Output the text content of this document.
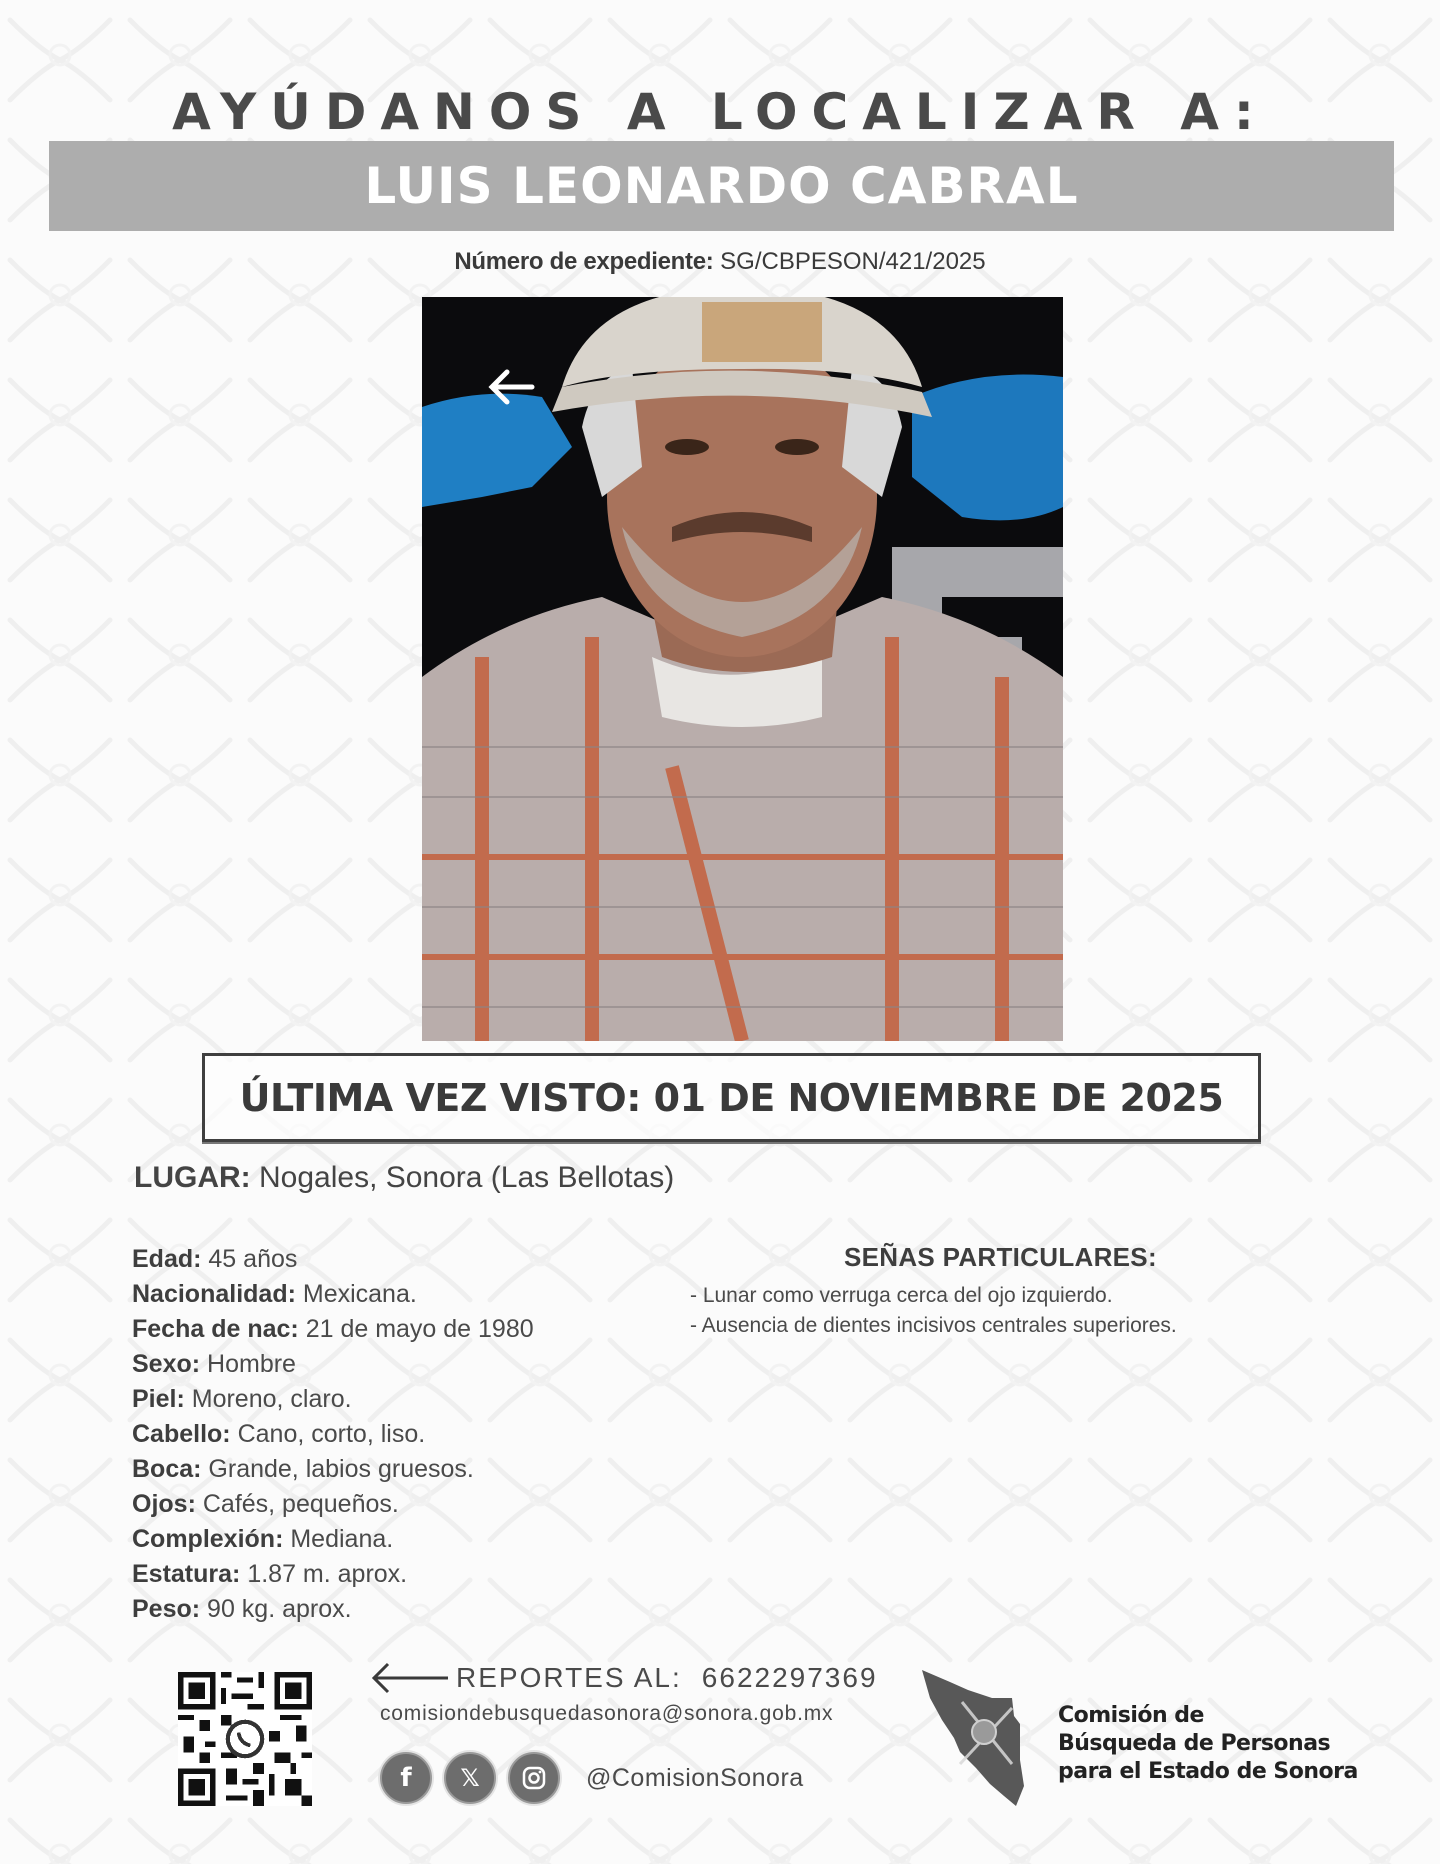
AYÚDANOS A LOCALIZAR A:
LUIS LEONARDO CABRAL
Número de expediente: SG/CBPESON/421/2025
ÚLTIMA VEZ VISTO: 01 DE NOVIEMBRE DE 2025
LUGAR: Nogales, Sonora (Las Bellotas)
Edad: 45 años
Nacionalidad: Mexicana.
Fecha de nac: 21 de mayo de 1980
Sexo: Hombre
Piel: Moreno, claro.
Cabello: Cano, corto, liso.
Boca: Grande, labios gruesos.
Ojos: Cafés, pequeños.
Complexión: Mediana.
Estatura: 1.87 m. aprox.
Peso: 90 kg. aprox.
SEÑAS PARTICULARES:
- Lunar como verruga cerca del ojo izquierdo.
- Ausencia de dientes incisivos centrales superiores.
REPORTES AL: 6622297369
comisiondebusquedasonora@sonora.gob.mx
f 𝕏	@ComisionSonora
Comisión de
Búsqueda de Personas
para el Estado de Sonora
